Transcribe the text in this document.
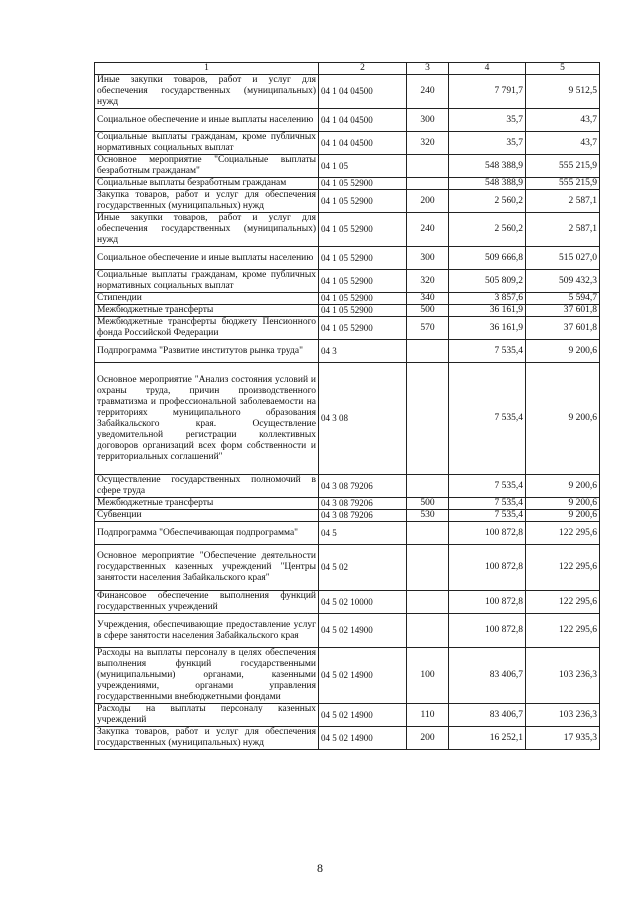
1	2	3	4	5
Иные закупки товаров, работ и услуг для обеспечения государственных (муниципальных) нужд	04 1 04 04500	240	7 791,7	9 512,5
Социальное обеспечение и иные выплаты населению	04 1 04 04500	300	35,7	43,7
Социальные выплаты гражданам, кроме публичных нормативных социальных выплат	04 1 04 04500	320	35,7	43,7
Основное мероприятие "Социальные выплаты безработным гражданам"	04 1 05		548 388,9	555 215,9
Социальные выплаты безработным гражданам	04 1 05 52900		548 388,9	555 215,9
Закупка товаров, работ и услуг для обеспечения государственных (муниципальных) нужд	04 1 05 52900	200	2 560,2	2 587,1
Иные закупки товаров, работ и услуг для обеспечения государственных (муниципальных) нужд	04 1 05 52900	240	2 560,2	2 587,1
Социальное обеспечение и иные выплаты населению	04 1 05 52900	300	509 666,8	515 027,0
Социальные выплаты гражданам, кроме публичных нормативных социальных выплат	04 1 05 52900	320	505 809,2	509 432,3
Стипендии	04 1 05 52900	340	3 857,6	5 594,7
Межбюджетные трансферты	04 1 05 52900	500	36 161,9	37 601,8
Межбюджетные трансферты бюджету Пенсионного фонда Российской Федерации	04 1 05 52900	570	36 161,9	37 601,8
Подпрограмма "Развитие институтов рынка труда"	04 3		7 535,4	9 200,6
Основное мероприятие "Анализ состояния условий и охраны труда, причин производственного травматизма и профессиональной заболеваемости на территориях муниципального образования Забайкальского края. Осуществление уведомительной регистрации коллективных договоров организаций всех форм собственности и территориальных соглашений"	04 3 08		7 535,4	9 200,6
Осуществление государственных полномочий в сфере труда	04 3 08 79206		7 535,4	9 200,6
Межбюджетные трансферты	04 3 08 79206	500	7 535,4	9 200,6
Субвенции	04 3 08 79206	530	7 535,4	9 200,6
Подпрограмма "Обеспечивающая подпрограмма"	04 5		100 872,8	122 295,6
Основное мероприятие "Обеспечение деятельности государственных казенных учреждений "Центры занятости населения Забайкальского края"	04 5 02		100 872,8	122 295,6
Финансовое обеспечение выполнения функций государственных учреждений	04 5 02 10000		100 872,8	122 295,6
Учреждения, обеспечивающие предоставление услуг в сфере занятости населения Забайкальского края	04 5 02 14900		100 872,8	122 295,6
Расходы на выплаты персоналу в целях обеспечения выполнения функций государственными (муниципальными) органами, казенными учреждениями, органами управления государственными внебюджетными фондами	04 5 02 14900	100	83 406,7	103 236,3
Расходы на выплаты персоналу казенных учреждений	04 5 02 14900	110	83 406,7	103 236,3
Закупка товаров, работ и услуг для обеспечения государственных (муниципальных) нужд	04 5 02 14900	200	16 252,1	17 935,3
8
